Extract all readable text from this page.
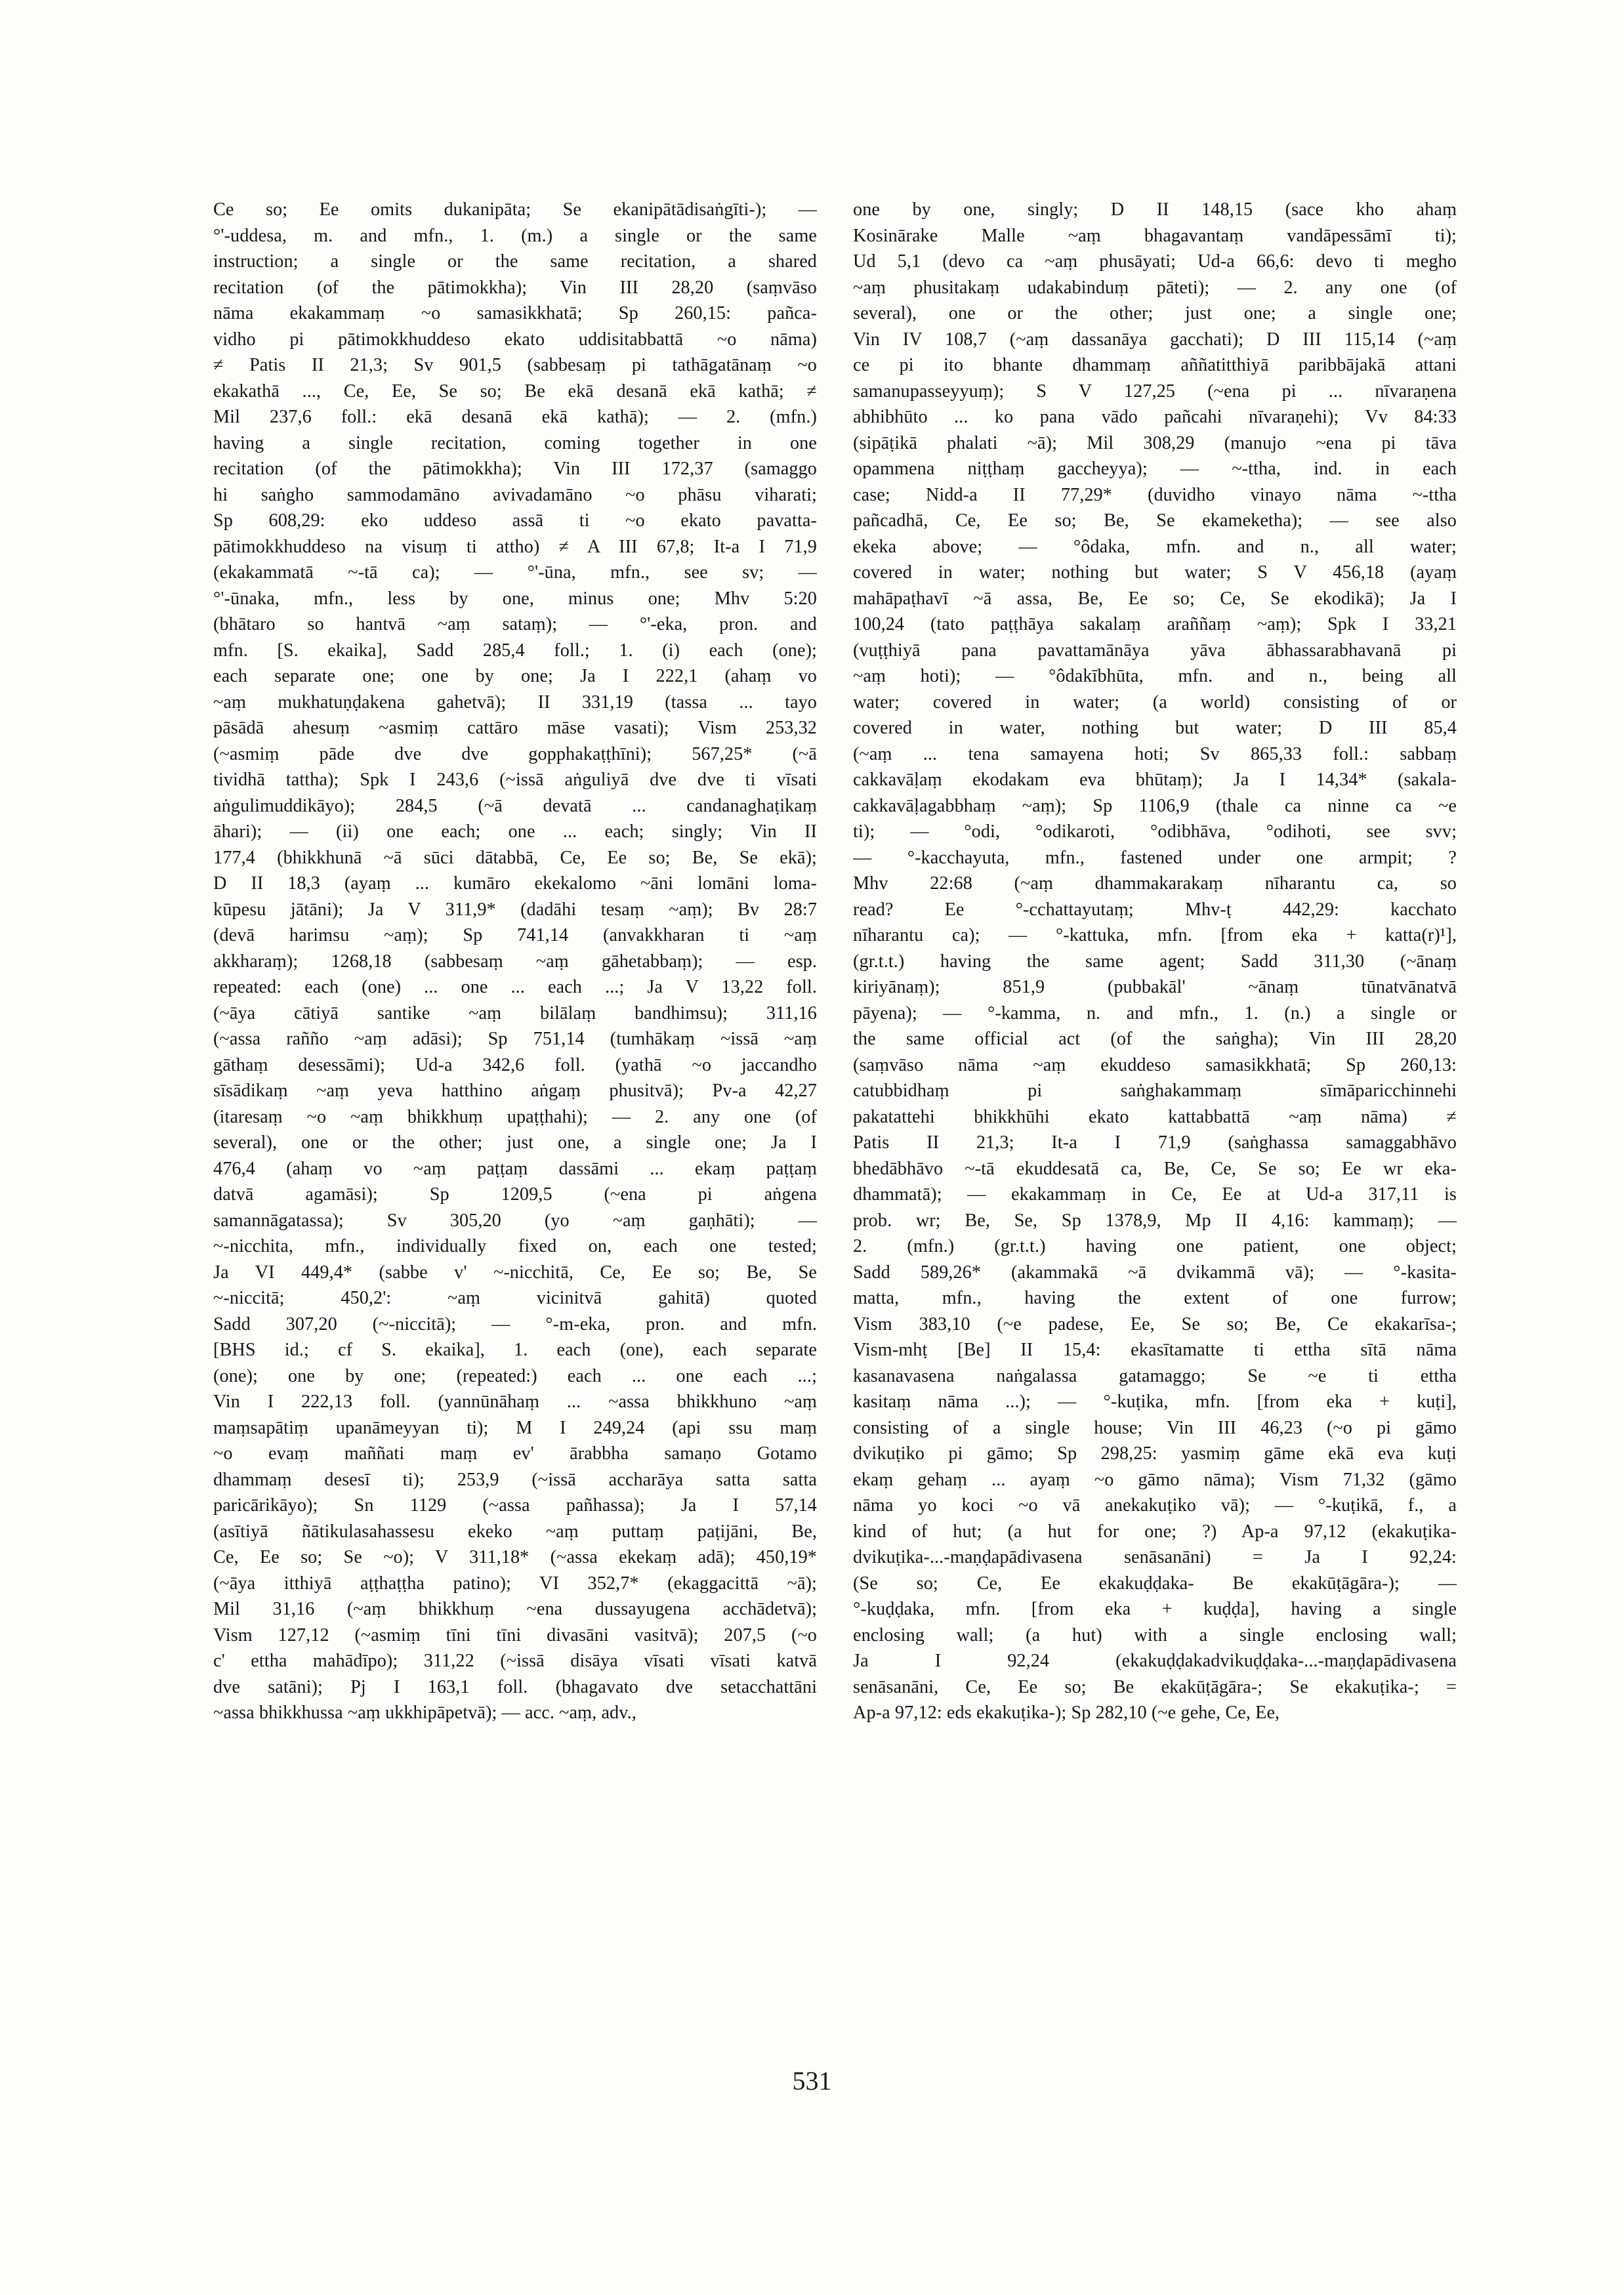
Ce so; Ee omits dukanipāta; Se ekanipātādisaṅgīti-); —
°'-uddesa, m. and mfn., 1. (m.) a single or the same
instruction; a single or the same recitation, a shared
recitation (of the pātimokkha); Vin III 28,20 (saṃvāso
nāma ekakammaṃ ~o samasikkhatā; Sp 260,15: pañca-
vidho pi pātimokkhuddeso ekato uddisitabbattā ~o nāma)
≠ Patis II 21,3; Sv 901,5 (sabbesaṃ pi tathāgatānaṃ ~o
ekakathā ..., Ce, Ee, Se so; Be ekā desanā ekā kathā; ≠
Mil 237,6 foll.: ekā desanā ekā kathā); — 2. (mfn.)
having a single recitation, coming together in one
recitation (of the pātimokkha); Vin III 172,37 (samaggo
hi saṅgho sammodamāno avivadamāno ~o phāsu viharati;
Sp 608,29: eko uddeso assā ti ~o ekato pavatta-
pātimokkhuddeso na visuṃ ti attho) ≠ A III 67,8; It-a I 71,9
(ekakammatā ~-tā ca); — °'-ūna, mfn., see sv; —
°'-ūnaka, mfn., less by one, minus one; Mhv 5:20
(bhātaro so hantvā ~aṃ sataṃ); — °'-eka, pron. and
mfn. [S. ekaika], Sadd 285,4 foll.; 1. (i) each (one);
each separate one; one by one; Ja I 222,1 (ahaṃ vo
~aṃ mukhatuṇḍakena gahetvā); II 331,19 (tassa ... tayo
pāsādā ahesuṃ ~asmiṃ cattāro māse vasati); Vism 253,32
(~asmiṃ pāde dve dve gopphakaṭṭhīni); 567,25* (~ā
tividhā tattha); Spk I 243,6 (~issā aṅguliyā dve dve ti vīsati
aṅgulimuddikāyo); 284,5 (~ā devatā ... candanaghaṭikaṃ
āhari); — (ii) one each; one ... each; singly; Vin II
177,4 (bhikkhunā ~ā sūci dātabbā, Ce, Ee so; Be, Se ekā);
D II 18,3 (ayaṃ ... kumāro ekekalomo ~āni lomāni loma-
kūpesu jātāni); Ja V 311,9* (dadāhi tesaṃ ~aṃ); Bv 28:7
(devā harimsu ~aṃ); Sp 741,14 (anvakkharan ti ~aṃ
akkharaṃ); 1268,18 (sabbesaṃ ~aṃ gāhetabbaṃ); — esp.
repeated: each (one) ... one ... each ...; Ja V 13,22 foll.
(~āya cātiyā santike ~aṃ bilālaṃ bandhimsu); 311,16
(~assa rañño ~aṃ adāsi); Sp 751,14 (tumhākaṃ ~issā ~aṃ
gāthaṃ desessāmi); Ud-a 342,6 foll. (yathā ~o jaccandho
sīsādikaṃ ~aṃ yeva hatthino aṅgaṃ phusitvā); Pv-a 42,27
(itaresaṃ ~o ~aṃ bhikkhuṃ upaṭṭhahi); — 2. any one (of
several), one or the other; just one, a single one; Ja I
476,4 (ahaṃ vo ~aṃ paṭṭaṃ dassāmi ... ekaṃ paṭṭaṃ
datvā agamāsi); Sp 1209,5 (~ena pi aṅgena
samannāgatassa); Sv 305,20 (yo ~aṃ gaṇhāti); —
~-nicchita, mfn., individually fixed on, each one tested;
Ja VI 449,4* (sabbe v' ~-nicchitā, Ce, Ee so; Be, Se
~-niccitā; 450,2': ~aṃ vicinitvā gahitā) quoted
Sadd 307,20 (~-niccitā); — °-m-eka, pron. and mfn.
[BHS id.; cf S. ekaika], 1. each (one), each separate
(one); one by one; (repeated:) each ... one each ...;
Vin I 222,13 foll. (yannūnāhaṃ ... ~assa bhikkhuno ~aṃ
maṃsapātiṃ upanāmeyyan ti); M I 249,24 (api ssu maṃ
~o evaṃ maññati maṃ ev' ārabbha samaṇo Gotamo
dhammaṃ desesī ti); 253,9 (~issā accharāya satta satta
paricārikāyo); Sn 1129 (~assa pañhassa); Ja I 57,14
(asītiyā ñātikulasahassesu ekeko ~aṃ puttaṃ paṭijāni, Be,
Ce, Ee so; Se ~o); V 311,18* (~assa ekekaṃ adā); 450,19*
(~āya itthiyā aṭṭhaṭṭha patino); VI 352,7* (ekaggacittā ~ā);
Mil 31,16 (~aṃ bhikkhuṃ ~ena dussayugena acchādetvā);
Vism 127,12 (~asmiṃ tīni tīni divasāni vasitvā); 207,5 (~o
c' ettha mahādīpo); 311,22 (~issā disāya vīsati vīsati katvā
dve satāni); Pj I 163,1 foll. (bhagavato dve setacchattāni
~assa bhikkhussa ~aṃ ukkhipāpetvā); — acc. ~aṃ, adv.,
one by one, singly; D II 148,15 (sace kho ahaṃ
Kosinārake Malle ~aṃ bhagavantaṃ vandāpessāmī ti);
Ud 5,1 (devo ca ~aṃ phusāyati; Ud-a 66,6: devo ti megho
~aṃ phusitakaṃ udakabinduṃ pāteti); — 2. any one (of
several), one or the other; just one; a single one;
Vin IV 108,7 (~aṃ dassanāya gacchati); D III 115,14 (~aṃ
ce pi ito bhante dhammaṃ aññatitthiyā paribbājakā attani
samanupasseyyuṃ); S V 127,25 (~ena pi ... nīvaraṇena
abhibhūto ... ko pana vādo pañcahi nīvaraṇehi); Vv 84:33
(sipāṭikā phalati ~ā); Mil 308,29 (manujo ~ena pi tāva
opammena niṭṭhaṃ gaccheyya); — ~-ttha, ind. in each
case; Nidd-a II 77,29* (duvidho vinayo nāma ~-ttha
pañcadhā, Ce, Ee so; Be, Se ekameketha); — see also
ekeka above; — °ôdaka, mfn. and n., all water;
covered in water; nothing but water; S V 456,18 (ayaṃ
mahāpaṭhavī ~ā assa, Be, Ee so; Ce, Se ekodikā); Ja I
100,24 (tato paṭṭhāya sakalaṃ araññaṃ ~aṃ); Spk I 33,21
(vuṭṭhiyā pana pavattamānāya yāva ābhassarabhavanā pi
~aṃ hoti); — °ôdakībhūta, mfn. and n., being all
water; covered in water; (a world) consisting of or
covered in water, nothing but water; D III 85,4
(~aṃ ... tena samayena hoti; Sv 865,33 foll.: sabbaṃ
cakkavāḷaṃ ekodakam eva bhūtaṃ); Ja I 14,34* (sakala-
cakkavāḷagabbhaṃ ~aṃ); Sp 1106,9 (thale ca ninne ca ~e
ti); — °odi, °odikaroti, °odibhāva, °odihoti, see svv;
— °-kacchayuta, mfn., fastened under one armpit; ?
Mhv 22:68 (~aṃ dhammakarakaṃ nīharantu ca, so
read? Ee °-cchattayutaṃ; Mhv-ṭ 442,29: kacchato
nīharantu ca); — °-kattuka, mfn. [from eka + katta(r)¹],
(gr.t.t.) having the same agent; Sadd 311,30 (~ānaṃ
kiriyānaṃ); 851,9 (pubbakāl' ~ānaṃ tūnatvānatvā
pāyena); — °-kamma, n. and mfn., 1. (n.) a single or
the same official act (of the saṅgha); Vin III 28,20
(saṃvāso nāma ~aṃ ekuddeso samasikkhatā; Sp 260,13:
catubbidhaṃ pi saṅghakammaṃ sīmāparicchinnehi
pakatattehi bhikkhūhi ekato kattabbattā ~aṃ nāma) ≠
Patis II 21,3; It-a I 71,9 (saṅghassa samaggabhāvo
bhedābhāvo ~-tā ekuddesatā ca, Be, Ce, Se so; Ee wr eka-
dhammatā); — ekakammaṃ in Ce, Ee at Ud-a 317,11 is
prob. wr; Be, Se, Sp 1378,9, Mp II 4,16: kammaṃ); —
2. (mfn.) (gr.t.t.) having one patient, one object;
Sadd 589,26* (akammakā ~ā dvikammā vā); — °-kasita-
matta, mfn., having the extent of one furrow;
Vism 383,10 (~e padese, Ee, Se so; Be, Ce ekakarīsa-;
Vism-mhṭ [Be] II 15,4: ekasītamatte ti ettha sītā nāma
kasanavasena naṅgalassa gatamaggo; Se ~e ti ettha
kasitaṃ nāma ...); — °-kuṭika, mfn. [from eka + kuṭi],
consisting of a single house; Vin III 46,23 (~o pi gāmo
dvikuṭiko pi gāmo; Sp 298,25: yasmiṃ gāme ekā eva kuṭi
ekaṃ gehaṃ ... ayaṃ ~o gāmo nāma); Vism 71,32 (gāmo
nāma yo koci ~o vā anekakuṭiko vā); — °-kuṭikā, f., a
kind of hut; (a hut for one; ?) Ap-a 97,12 (ekakuṭika-
dvikuṭika-...-maṇḍapādivasena senāsanāni) = Ja I 92,24:
(Se so; Ce, Ee ekakuḍḍaka- Be ekakūṭāgāra-); —
°-kuḍḍaka, mfn. [from eka + kuḍḍa], having a single
enclosing wall; (a hut) with a single enclosing wall;
Ja I 92,24 (ekakuḍḍakadvikuḍḍaka-...-maṇḍapādivasena
senāsanāni, Ce, Ee so; Be ekakūṭāgāra-; Se ekakuṭika-; =
Ap-a 97,12: eds ekakuṭika-); Sp 282,10 (~e gehe, Ce, Ee,
531
